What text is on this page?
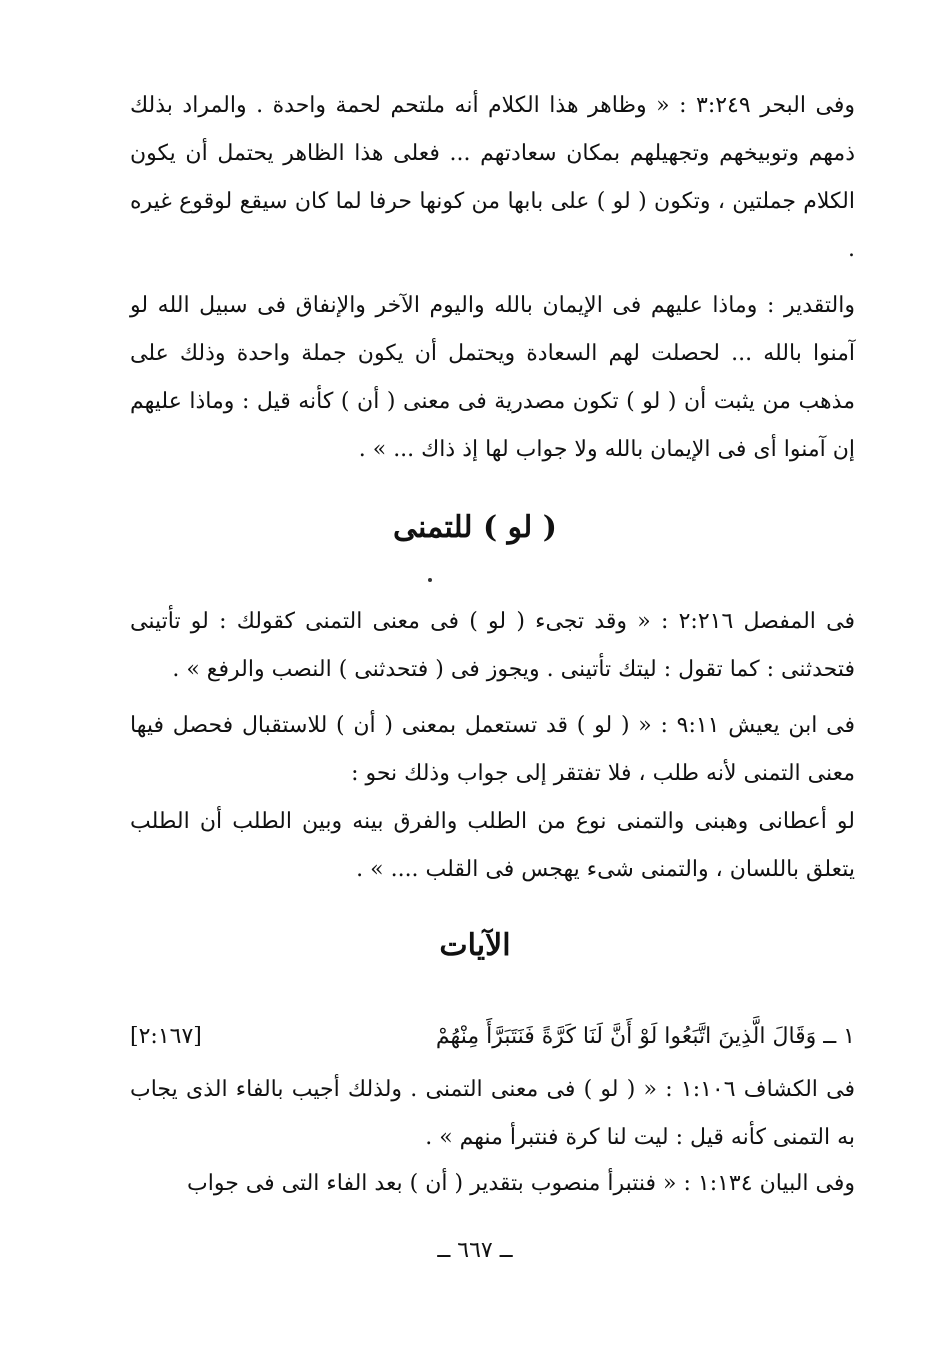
وفى البحر ٣:٢٤٩ : « وظاهر هذا الكلام أنه ملتحم لحمة واحدة . والمراد بذلك ذمهم وتوبيخهم وتجهيلهم بمكان سعادتهم ... فعلى هذا الظاهر يحتمل أن يكون الكلام جملتين ، وتكون ( لو ) على بابها من كونها حرفا لما كان سيقع لوقوع غيره .

والتقدير : وماذا عليهم فى الإيمان بالله واليوم الآخر والإنفاق فى سبيل الله لو آمنوا بالله ... لحصلت لهم السعادة ويحتمل أن يكون جملة واحدة وذلك على مذهب من يثبت أن ( لو ) تكون مصدرية فى معنى ( أن ) كأنه قيل : وماذا عليهم إن آمنوا أى فى الإيمان بالله ولا جواب لها إذ ذاك ... » .

( لو ) للتمنى

فى المفصل ٢:٢١٦ : « وقد تجىء ( لو ) فى معنى التمنى كقولك : لو تأتينى فتحدثنى : كما تقول : ليتك تأتينى . ويجوز فى ( فتحدثنى ) النصب والرفع » .

فى ابن يعيش ٩:١١ : « ( لو ) قد تستعمل بمعنى ( أن ) للاستقبال فحصل فيها معنى التمنى لأنه طلب ، فلا تفتقر إلى جواب وذلك نحو :

لو أعطانى وهبنى والتمنى نوع من الطلب والفرق بينه وبين الطلب أن الطلب يتعلق باللسان ، والتمنى شىء يهجس فى القلب .... » .

الآيات
١ ــ وَقَالَ الَّذِينَ اتَّبَعُوا لَوْ أَنَّ لَنَا كَرَّةً فَنَتَبَرَّأَ مِنْهُمْ
[٢:١٦٧]

فى الكشاف ١:١٠٦ : « ( لو ) فى معنى التمنى . ولذلك أجيب بالفاء الذى يجاب به التمنى كأنه قيل : ليت لنا كرة فنتبرأ منهم » .

وفى البيان ١:١٣٤ : « فنتبرأ منصوب بتقدير ( أن ) بعد الفاء التى فى جواب

ــ ٦٦٧ ــ
